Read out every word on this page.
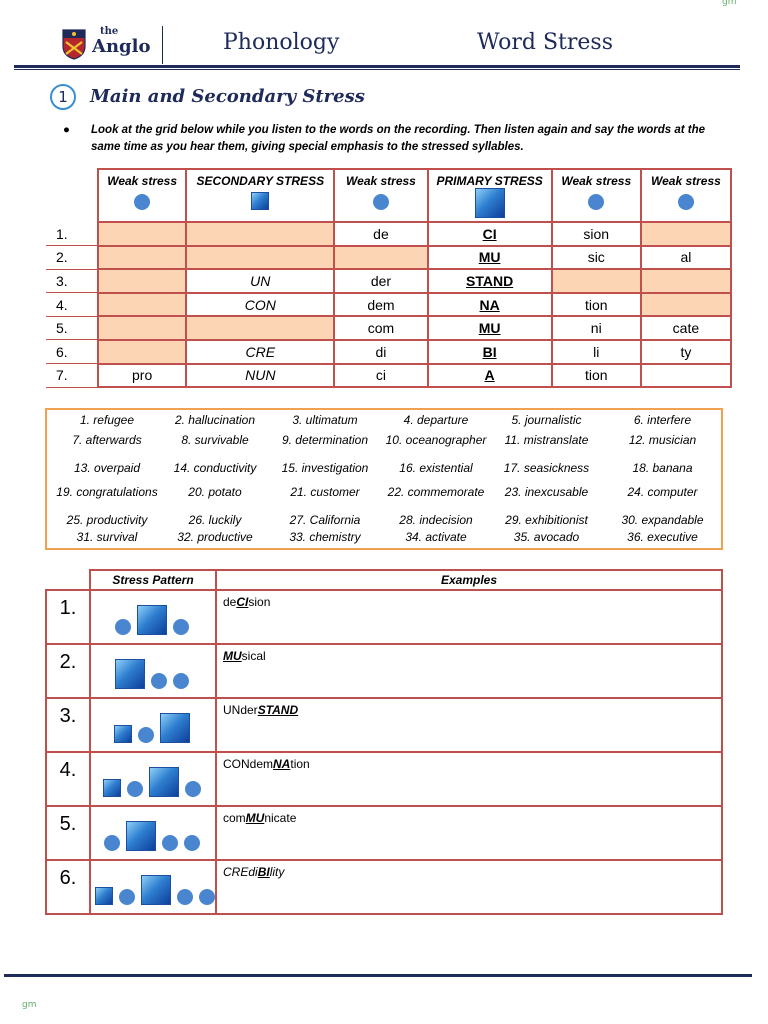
gm
the
Anglo	Phonology	Word Stress
1	Main and Secondary Stress
●	Look at the grid below while you listen to the words on the recording. Then listen again and say the words at the same time as you hear them, giving special emphasis to the stressed syllables.

	Weak stress	SECONDARY STRESS	Weak stress	PRIMARY STRESS	Weak stress	Weak stress

1.			de	CI	sion	
2.				MU	sic	al
3.		UN	der	STAND		
4.		CON	dem	NA	tion	
5.			com	MU	ni	cate
6.		CRE	di	BI	li	ty
7.	pro	NUN	ci	A	tion	
1. refugee	2. hallucination	3. ultimatum	4. departure	5. journalistic	6. interfere
7. afterwards	8. survivable	9. determination	10. oceanographer	11. mistranslate	12. musician
13. overpaid	14. conductivity	15. investigation	16. existential	17. seasickness	18. banana
19. congratulations	20. potato	21. customer	22. commemorate	23. inexcusable	24. computer
25. productivity	26. luckily	27. California	28. indecision	29. exhibitionist	30. expandable
31. survival	32. productive	33. chemistry	34. activate	35. avocado	36. executive
	Stress Pattern	Examples
1.		deCIsion
2.		MUsical
3.		UNderSTAND
4.		CONdemNAtion
5.		comMUnicate
6.		CREdiBIlity
gm
